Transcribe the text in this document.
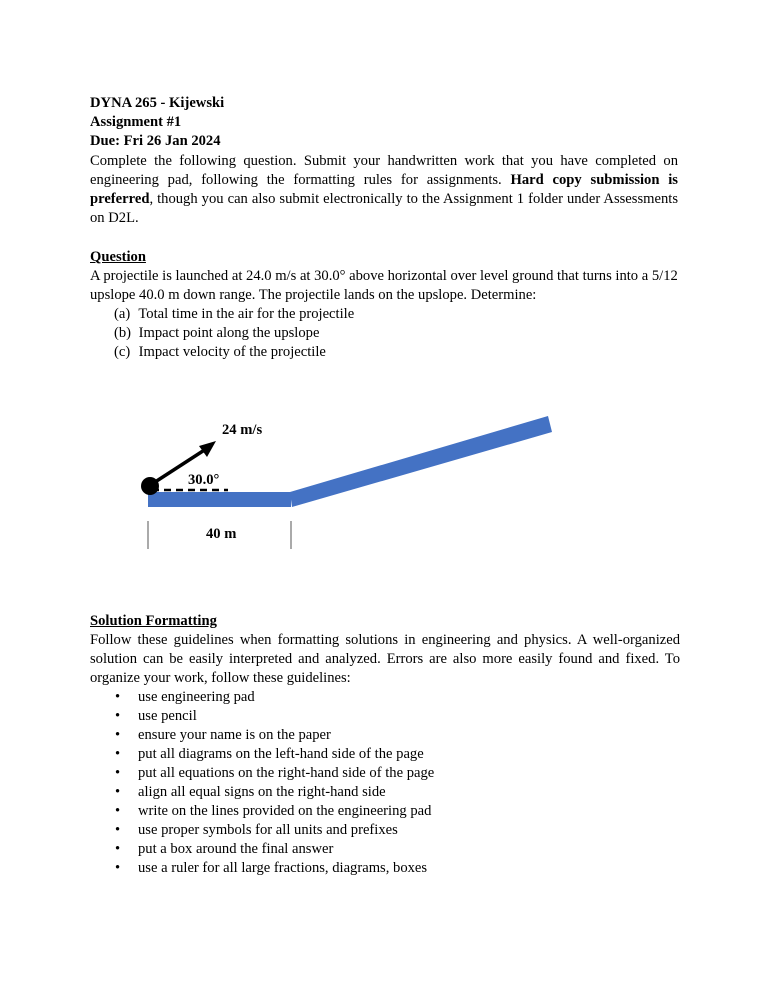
DYNA 265 - Kijewski
Assignment #1
Due: Fri 26 Jan 2024
Complete the following question. Submit your handwritten work that you have completed on engineering pad, following the formatting rules for assignments. Hard copy submission is preferred, though you can also submit electronically to the Assignment 1 folder under Assessments on D2L.
Question
A projectile is launched at 24.0 m/s at 30.0° above horizontal over level ground that turns into a 5/12 upslope 40.0 m down range. The projectile lands on the upslope. Determine:
(a) Total time in the air for the projectile
(b) Impact point along the upslope
(c) Impact velocity of the projectile
24 m/s
30.0°
40 m
Solution Formatting
Follow these guidelines when formatting solutions in engineering and physics. A well-organized solution can be easily interpreted and analyzed. Errors are also more easily found and fixed. To organize your work, follow these guidelines:
• use engineering pad
• use pencil
• ensure your name is on the paper
• put all diagrams on the left-hand side of the page
• put all equations on the right-hand side of the page
• align all equal signs on the right-hand side
• write on the lines provided on the engineering pad
• use proper symbols for all units and prefixes
• put a box around the final answer
• use a ruler for all large fractions, diagrams, boxes
